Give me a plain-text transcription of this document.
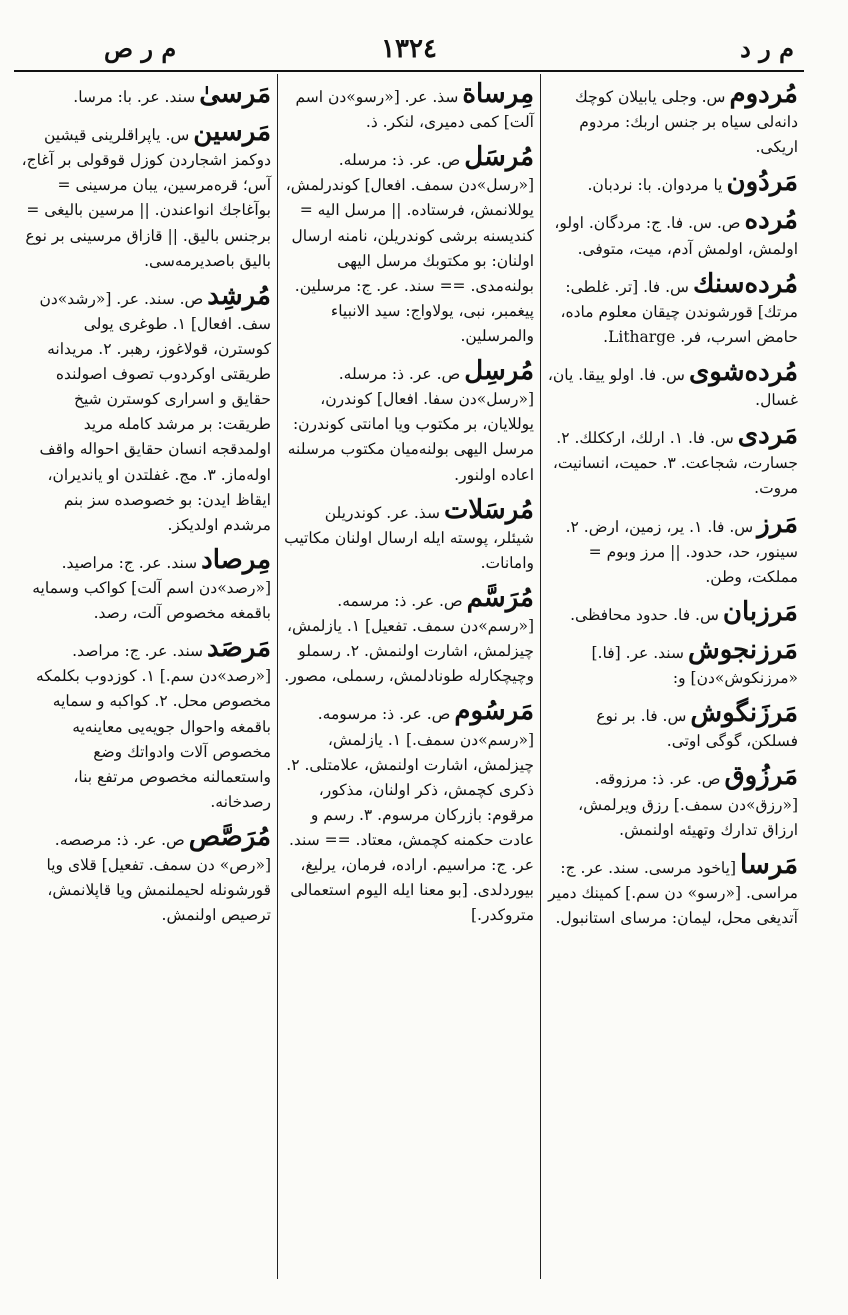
م ر د
١٣٢٤
م ر ص
مُردومس. وجلی یابیلان کوچك دانه‌لی سیاه بر جنس اربك: مردوم اریکی.
مَردُونیا مردوان. با: نردبان.
مُردهص. س. فا. ج: مردگان. اولو، اولمش، اولمش آدم، میت، متوفی.
مُرده‌سنكس. فا. [تر. غلطی: مرتك] قورشوندن چیقان معلوم ماده، حامض اسرب، فر. Litharge.
مُرده‌شویس. فا. اولو ییقا. یان، غسال.
مَردیس. فا. ١. ارلك، ارککلك. ٢. جسارت، شجاعت. ٣. حمیت، انسانیت، مروت.
مَرزس. فا. ١. یر، زمین، ارض. ٢. سینور، حد، حدود. || مرز وبوم = مملکت، وطن.
مَرزبانس. فا. حدود محافظی.
مَرزنجوشسند. عر. [فا.] «مرزنکوش»دن] و:
مَرزَنگوشس. فا. بر نوع فسلکن، گوگی اوتی.
مَرزُوقص. عر. ذ: مرزوقه. [«رزق»دن سمف.] رزق ویرلمش، ارزاق تدارك وتهیئه اولنمش.
مَرسا[یاخود مرسی. سند. عر. ج: مراسی. [«رسو» دن سم.] کمینك دمیر آتدیغی محل، لیمان: مرسای استانبول.
مِرساةسذ. عر. [«رسو»دن اسم آلت] کمی دمیری، لنکر. ذ.
مُرسَلص. عر. ذ: مرسله. [«رسل»دن سمف. افعال] کوندرلمش، یوللانمش، فرستاده. || مرسل الیه = کندیسنه برشی کوندریلن، نامنه ارسال اولنان: بو مکتوبك مرسل الیهی بولنه‌مدی. == سند. عر. ج: مرسلین. پیغمبر، نبی، یولاواج: سید الانبیاء والمرسلین.
مُرسِلص. عر. ذ: مرسله. [«رسل»دن سفا. افعال] کوندرن، یوللایان، بر مکتوب ویا امانتی کوندرن: مرسل الیهی بولنه‌میان مکتوب مرسلنه اعاده اولنور.
مُرسَلاتسذ. عر. کوندریلن شیئلر، پوسته ایله ارسال اولنان مکاتیب وامانات.
مُرَسَّمص. عر. ذ: مرسمه. [«رسم»دن سمف. تفعیل] ١. یازلمش، چیزلمش، اشارت اولنمش. ٢. رسملو وچیچکارله طونادلمش، رسملی، مصور.
مَرسُومص. عر. ذ: مرسومه. [«رسم»دن سمف.] ١. یازلمش، چیزلمش، اشارت اولنمش، علامتلی. ٢. ذکری کچمش، ذکر اولنان، مذکور، مرقوم: بازرکان مرسوم. ٣. رسم و عادت حکمنه کچمش، معتاد. == سند. عر. ج: مراسیم. اراده، فرمان، یرلیغ، بیوردلدی. [بو معنا ایله الیوم استعمالی متروکدر.]
مَرسیٰسند. عر. با: مرسا.
مَرسینس. یاپراقلرینی قیشین دوکمز اشجاردن کوزل قوقولی بر آغاج، آس؛ قره‌مرسین، یبان مرسینی = بوآغاجك انواعندن. || مرسین بالیغی = برجنس بالیق. || قازاق مرسینی بر نوع بالیق باصدیرمه‌سی.
مُرشِدص. سند. عر. [«رشد»دن سف. افعال] ١. طوغری یولی کوسترن، قولاغوز، رهبر. ٢. مریدانه طریقتی اوکردوب تصوف اصولنده حقایق و اسراری کوسترن شیخ طریقت: بر مرشد کامله مرید اولمدقجه انسان حقایق احواله واقف اوله‌ماز. ٣. مج. غفلتدن او یاندیران، ایقاظ ایدن: بو خصوصده سز بنم مرشدم اولدیکز.
مِرصادسند. عر. ج: مراصید. [«رصد»دن اسم آلت] کواکب وسمایه باقمغه مخصوص آلت، رصد.
مَرصَدسند. عر. ج: مراصد. [«رصد»دن سم.] ١. کوزدوب بکلمکه مخصوص محل. ٢. کواکبه و سمایه باقمغه واحوال جویه‌یی معاینه‌یه مخصوص آلات وادواتك وضع واستعمالنه مخصوص مرتفع بنا، رصدخانه.
مُرَصَّصص. عر. ذ: مرصصه. [«رص» دن سمف. تفعیل] قلای ویا قورشونله لحیملنمش ویا قاپلانمش، ترصیص اولنمش.
